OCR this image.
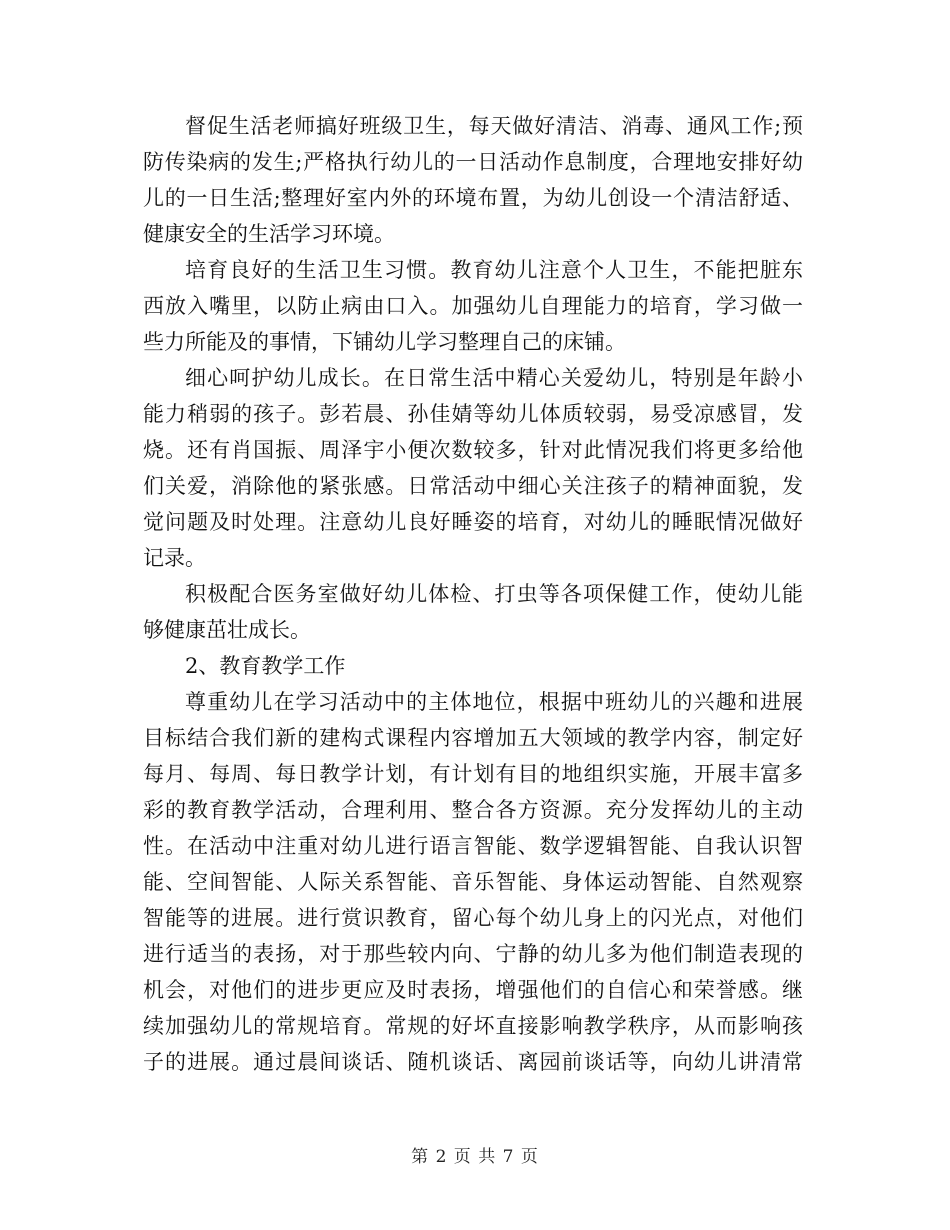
督促生活老师搞好班级卫生，每天做好清洁、消毒、通风工作;预
防传染病的发生;严格执行幼儿的一日活动作息制度，合理地安排好幼
儿的一日生活;整理好室内外的环境布置，为幼儿创设一个清洁舒适、
健康安全的生活学习环境。

培育良好的生活卫生习惯。教育幼儿注意个人卫生，不能把脏东
西放入嘴里，以防止病由口入。加强幼儿自理能力的培育，学习做一
些力所能及的事情，下铺幼儿学习整理自己的床铺。

细心呵护幼儿成长。在日常生活中精心关爱幼儿，特别是年龄小
能力稍弱的孩子。彭若晨、孙佳婧等幼儿体质较弱，易受凉感冒，发
烧。还有肖国振、周泽宇小便次数较多，针对此情况我们将更多给他
们关爱，消除他的紧张感。日常活动中细心关注孩子的精神面貌，发
觉问题及时处理。注意幼儿良好睡姿的培育，对幼儿的睡眠情况做好
记录。

积极配合医务室做好幼儿体检、打虫等各项保健工作，使幼儿能
够健康茁壮成长。

2、教育教学工作

尊重幼儿在学习活动中的主体地位，根据中班幼儿的兴趣和进展
目标结合我们新的建构式课程内容增加五大领域的教学内容，制定好
每月、每周、每日教学计划，有计划有目的地组织实施，开展丰富多
彩的教育教学活动，合理利用、整合各方资源。充分发挥幼儿的主动
性。在活动中注重对幼儿进行语言智能、数学逻辑智能、自我认识智
能、空间智能、人际关系智能、音乐智能、身体运动智能、自然观察
智能等的进展。进行赏识教育，留心每个幼儿身上的闪光点，对他们
进行适当的表扬，对于那些较内向、宁静的幼儿多为他们制造表现的
机会，对他们的进步更应及时表扬，增强他们的自信心和荣誉感。继
续加强幼儿的常规培育。常规的好坏直接影响教学秩序，从而影响孩
子的进展。通过晨间谈话、随机谈话、离园前谈话等，向幼儿讲清常

第 2 页 共 7 页
